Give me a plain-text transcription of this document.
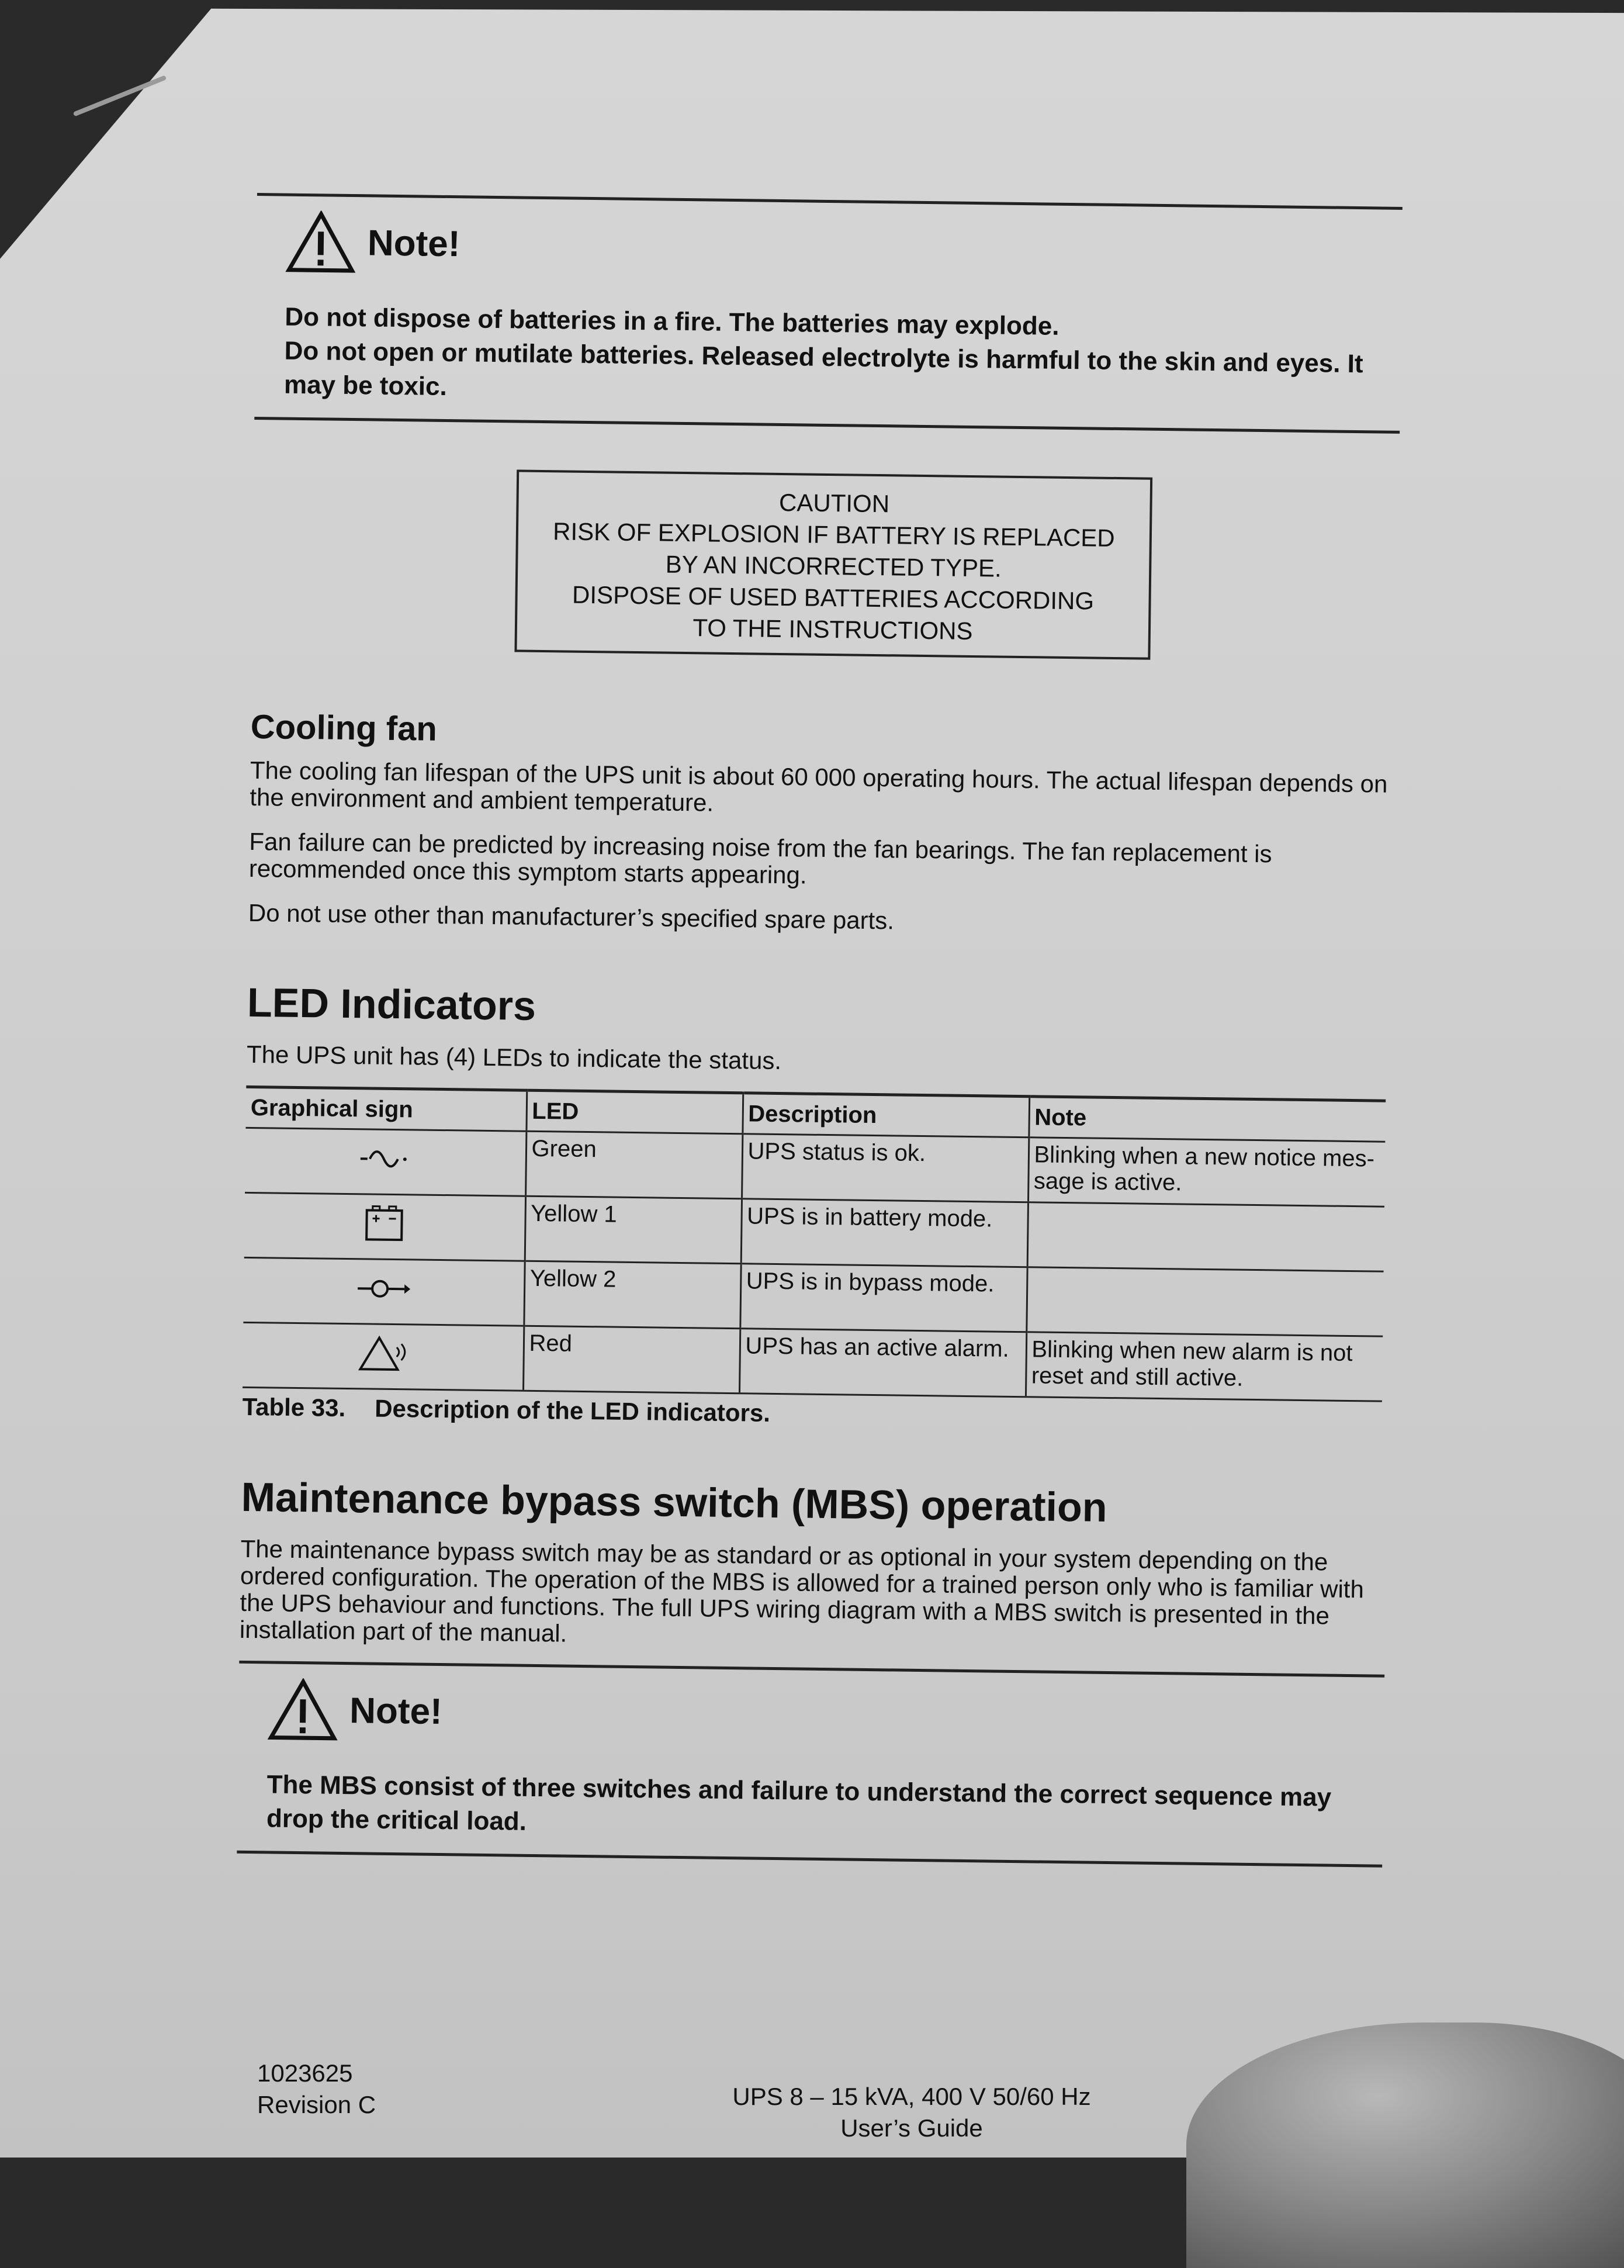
Note!
Do not dispose of batteries in a fire. The batteries may explode.
Do not open or mutilate batteries. Released electrolyte is harmful to the skin and eyes. It may be toxic.
CAUTION
RISK OF EXPLOSION IF BATTERY IS REPLACED
BY AN INCORRECTED TYPE.
DISPOSE OF USED BATTERIES ACCORDING
TO THE INSTRUCTIONS
Cooling fan

The cooling fan lifespan of the UPS unit is about 60 000 operating hours. The actual lifespan depends on the environment and ambient temperature.

Fan failure can be predicted by increasing noise from the fan bearings. The fan replacement is recommended once this symptom starts appearing.

Do not use other than manufacturer’s specified spare parts.

LED Indicators

The UPS unit has (4) LEDs to indicate the status.

Graphical sign	LED	Description	Note
	Green	UPS status is ok.	Blinking when a new notice mes-sage is active.
	Yellow 1	UPS is in battery mode.	
	Yellow 2	UPS is in bypass mode.	
	Red	UPS has an active alarm.	Blinking when new alarm is not reset and still active.
Table 33. Description of the LED indicators.
Maintenance bypass switch (MBS) operation

The maintenance bypass switch may be as standard or as optional in your system depending on the ordered configuration. The operation of the MBS is allowed for a trained person only who is familiar with the UPS behaviour and functions. The full UPS wiring diagram with a MBS switch is presented in the installation part of the manual.

Note!
The MBS consist of three switches and failure to understand the correct sequence may drop the critical load.
1023625
Revision C	UPS 8 – 15 kVA, 400 V 50/60 Hz
User’s Guide
